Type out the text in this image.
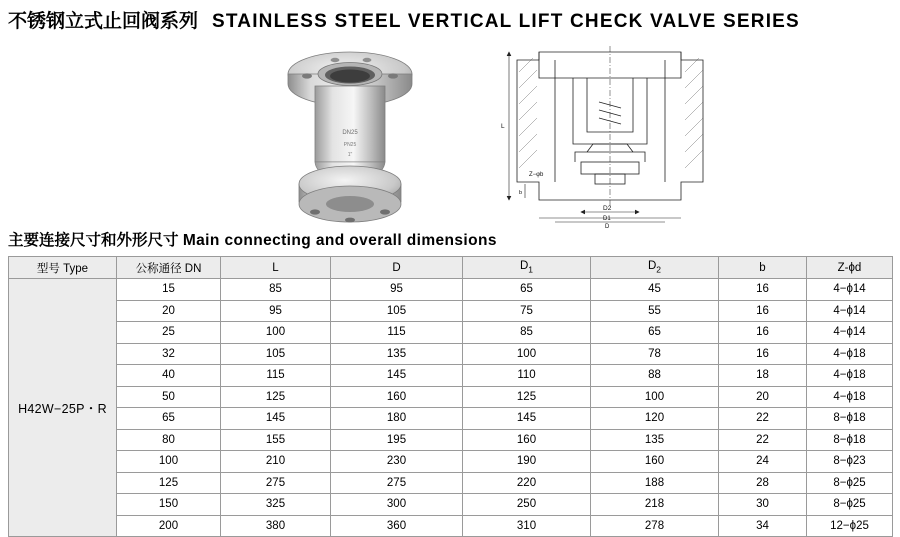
不锈钢立式止回阀系列 STAINLESS STEEL VERTICAL LIFT CHECK VALVE SERIES
DN25
PN25
1"
L
b
Z−φb
D2
D1
D
主要连接尺寸和外形尺寸 Main connecting and overall dimensions
型号 Type	公称通径 DN	L	D	$D_1$	$D_2$	b	Z-ϕd
H42W−25P・R	15	85	95	65	45	16	4−ϕ14
	20	95	105	75	55	16	4−ϕ14
	25	100	115	85	65	16	4−ϕ14
	32	105	135	100	78	16	4−ϕ18
	40	115	145	110	88	18	4−ϕ18
	50	125	160	125	100	20	4−ϕ18
	65	145	180	145	120	22	8−ϕ18
	80	155	195	160	135	22	8−ϕ18
	100	210	230	190	160	24	8−ϕ23
	125	275	275	220	188	28	8−ϕ25
	150	325	300	250	218	30	8−ϕ25
	200	380	360	310	278	34	12−ϕ25
